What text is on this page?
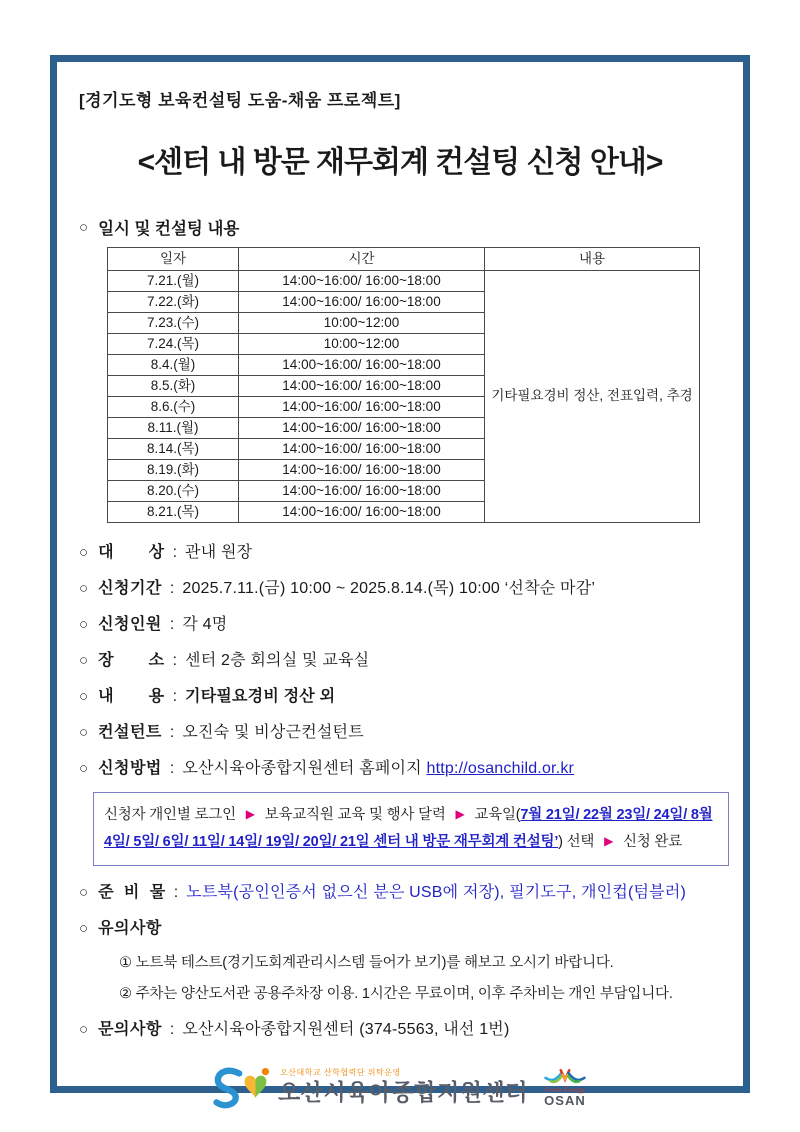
[경기도형 보육컨설팅 도움-채움 프로젝트]
<센터 내 방문 재무회계 컨설팅 신청 안내>
○ 일시 및 컨설팅 내용
일자	시간	내용
7.21.(월)	14:00~16:00/ 16:00~18:00	기타필요경비 정산, 전표입력, 추경
7.22.(화)	14:00~16:00/ 16:00~18:00	
7.23.(수)	10:00~12:00	
7.24.(목)	10:00~12:00	
8.4.(월)	14:00~16:00/ 16:00~18:00	
8.5.(화)	14:00~16:00/ 16:00~18:00	
8.6.(수)	14:00~16:00/ 16:00~18:00	
8.11.(월)	14:00~16:00/ 16:00~18:00	
8.14.(목)	14:00~16:00/ 16:00~18:00	
8.19.(화)	14:00~16:00/ 16:00~18:00	
8.20.(수)	14:00~16:00/ 16:00~18:00	
8.21.(목)	14:00~16:00/ 16:00~18:00	
○ 대       상 : 관내 원장
○ 신청기간 : 2025.7.11.(금) 10:00 ~ 2025.8.14.(목) 10:00 ‘선착순 마감’
○ 신청인원 : 각 4명
○ 장       소 : 센터 2층 회의실 및 교육실
○ 내       용 : 기타필요경비 정산 외
○ 컨설턴트 : 오진숙 및 비상근컨설턴트
○ 신청방법 : 오산시육아종합지원센터 홈페이지 http://osanchild.or.kr
신청자 개인별 로그인 ▶ 보육교직원 교육 및 행사 달력 ▶ 교육일(7월 21일/ 22월 23일/ 24일/ 8월 4일/ 5일/ 6일/ 11일/ 14일/ 19일/ 20일/ 21일 센터 내 방문 재무회계 컨설팅’) 선택 ▶ 신청 완료
○ 준  비  물 : 노트북(공인인증서 없으신 분은 USB에 저장), 필기도구, 개인컵(텀블러)
○ 유의사항
① 노트북 테스트(경기도회계관리시스템 들어가 보기)를 해보고 오시기 바랍니다.
② 주차는 양산도서관 공용주차장 이용. 1시간은 무료이며, 이후 주차비는 개인 부담입니다.
○ 문의사항 : 오산시육아종합지원센터 (374-5563, 내선 1번)
오산대학교 산학협력단 위탁운영
오산시육아종합지원센터	Fresh Energy
OSAN
